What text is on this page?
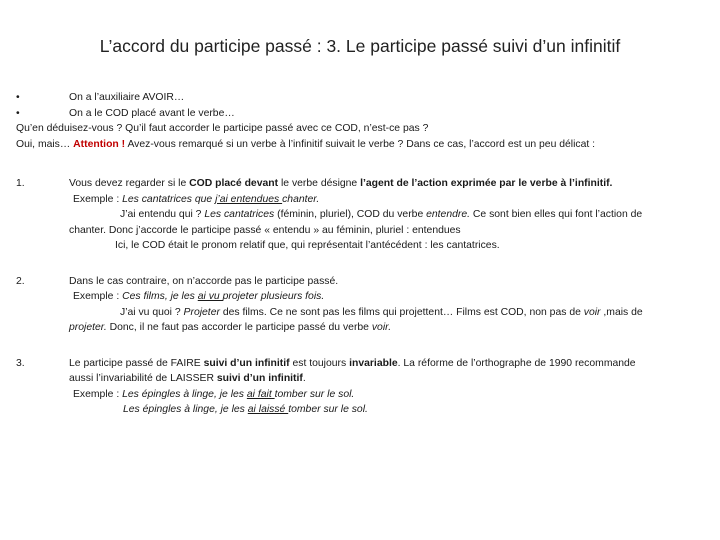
L’accord du participe passé : 3. Le participe passé suivi d’un infinitif
•	On a l’auxiliaire AVOIR…
•	On a le COD placé avant le verbe…
Qu’en déduisez-vous ? Qu’il faut accorder le participe passé avec ce COD, n’est-ce pas ?
Oui, mais… Attention ! Avez-vous remarqué si un verbe à l’infinitif suivait le verbe ? Dans ce cas, l’accord est un peu délicat :
1.	Vous devez regarder si le COD placé devant le verbe désigne l’agent de l’action exprimée par le verbe à l’infinitif.
Exemple : Les cantatrices que j’ai entendues chanter.
J’ai entendu qui ? Les cantatrices (féminin, pluriel), COD du verbe entendre. Ce sont bien elles qui font l’action de
chanter. Donc j’accorde le participe passé « entendu » au féminin, pluriel : entendues
Ici, le COD était le pronom relatif que, qui représentait l’antécédent : les cantatrices.
2.	Dans le cas contraire, on n’accorde pas le participe passé.
Exemple : Ces films, je les ai vu projeter plusieurs fois.
J’ai vu quoi ? Projeter des films. Ce ne sont pas les films qui projettent… Films est COD, non pas de voir ,mais de
projeter. Donc, il ne faut pas accorder le participe passé du verbe voir.
3.	Le participe passé de FAIRE suivi d’un infinitif est toujours invariable. La réforme de l’orthographe de 1990 recommande
aussi l’invariabilité de LAISSER suivi d’un infinitif.
Exemple : Les épingles à linge, je les ai fait tomber sur le sol.
Les épingles à linge, je les ai laissé tomber sur le sol.
